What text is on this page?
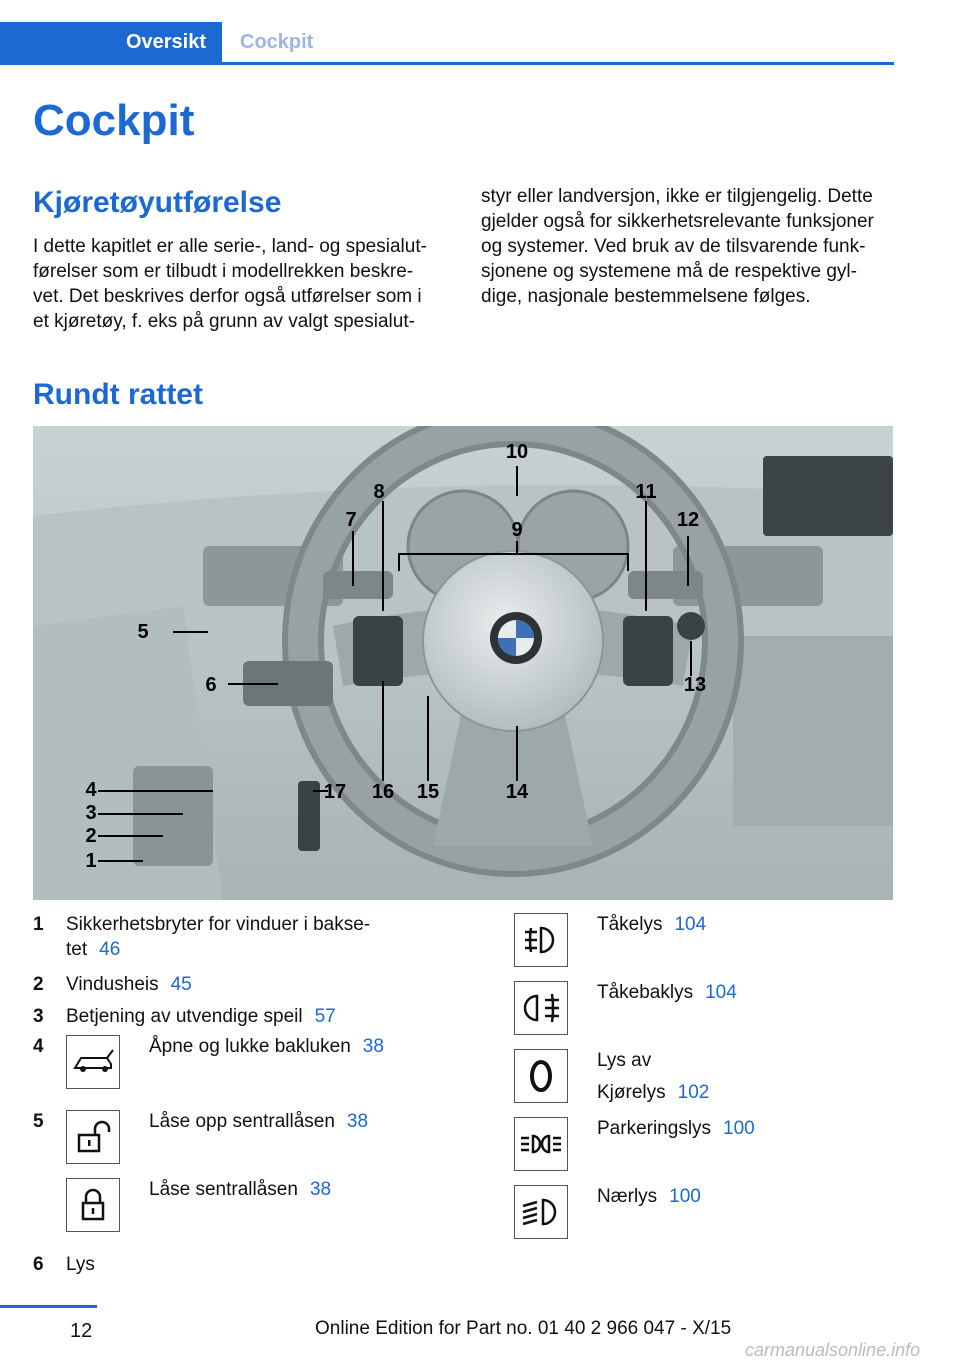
Oversikt	Cockpit
Cockpit
Kjøretøyutførelse
I dette kapitlet er alle serie-, land- og spesialut-
førelser som er tilbudt i modellrekken beskre-
vet. Det beskrives derfor også utførelser som i
et kjøretøy, f. eks på grunn av valgt spesialut-
styr eller landversjon, ikke er tilgjengelig. Dette
gjelder også for sikkerhetsrelevante funksjoner
og systemer. Ved bruk av de tilsvarende funk-
sjonene og systemene må de respektive gyl-
dige, nasjonale bestemmelsene følges.
Rundt rattet
10
8
7	9
11
12
5
6	13
14
15
16
17
4
3
2
1
1 Sikkerhetsbryter for vinduer i bakse-
tet 46
2 Vindusheis 45
3 Betjening av utvendige speil 57
4	Åpne og lukke bakluken 38
5	Låse opp sentrallåsen 38
Låse sentrallåsen 38
6 Lys
Tåkelys 104
Tåkebaklys 104
Lys av
Kjørelys 102
Parkeringslys 100
Nærlys 100
12	Online Edition for Part no. 01 40 2 966 047 - X/15
carmanualsonline.info
